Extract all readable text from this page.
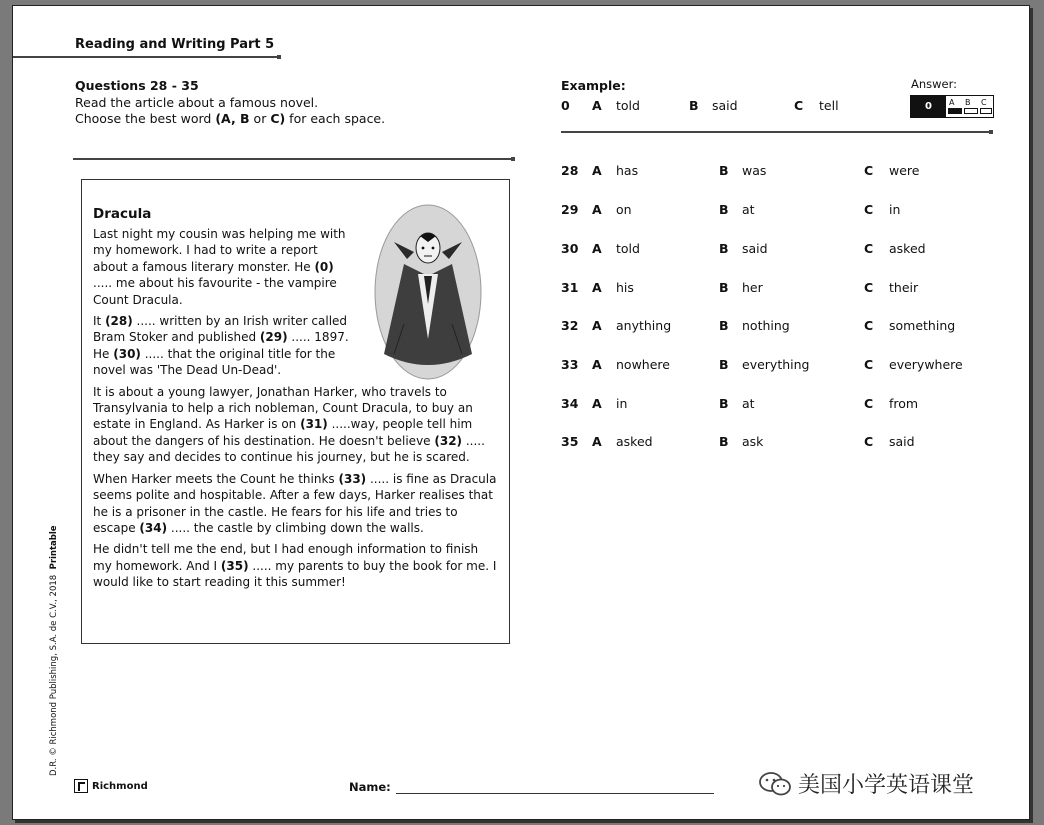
Reading and Writing Part 5
Questions 28 - 35
Read the article about a famous novel.
Choose the best word (A, B or C) for each space.
Dracula

Last night my cousin was helping me with my homework. I had to write a report about a famous literary monster. He (0) ..... me about his favourite - the vampire Count Dracula.

It (28) ..... written by an Irish writer called Bram Stoker and published (29) ..... 1897. He (30) ..... that the original title for the novel was 'The Dead Un-Dead'.

It is about a young lawyer, Jonathan Harker, who travels to Transylvania to help a rich nobleman, Count Dracula, to buy an estate in England. As Harker is on (31) .....way, people tell him about the dangers of his destination. He doesn't believe (32) ..... they say and decides to continue his journey, but he is scared.

When Harker meets the Count he thinks (33) ..... is fine as Dracula seems polite and hospitable. After a few days, Harker realises that he is a prisoner in the castle. He fears for his life and tries to escape (34) ..... the castle by climbing down the walls.

He didn't tell me the end, but I had enough information to finish my homework. And I (35) ..... my parents to buy the book for me. I would like to start reading it this summer!

Example:
0 A told	B said	C tell
Answer:
0	A B C
28 A has	B was	C were
29 A on	B at	C in
30 A told	B said	C asked
31 A his	B her	C their
32 A anything	B nothing	C something
33 A nowhere	B everything	C everywhere
34 A in	B at	C from
35 A asked	B ask	C said
D.R. © Richmond Publishing, S.A. de C.V., 2018  Printable
Richmond	Name:	美国小学英语课堂
